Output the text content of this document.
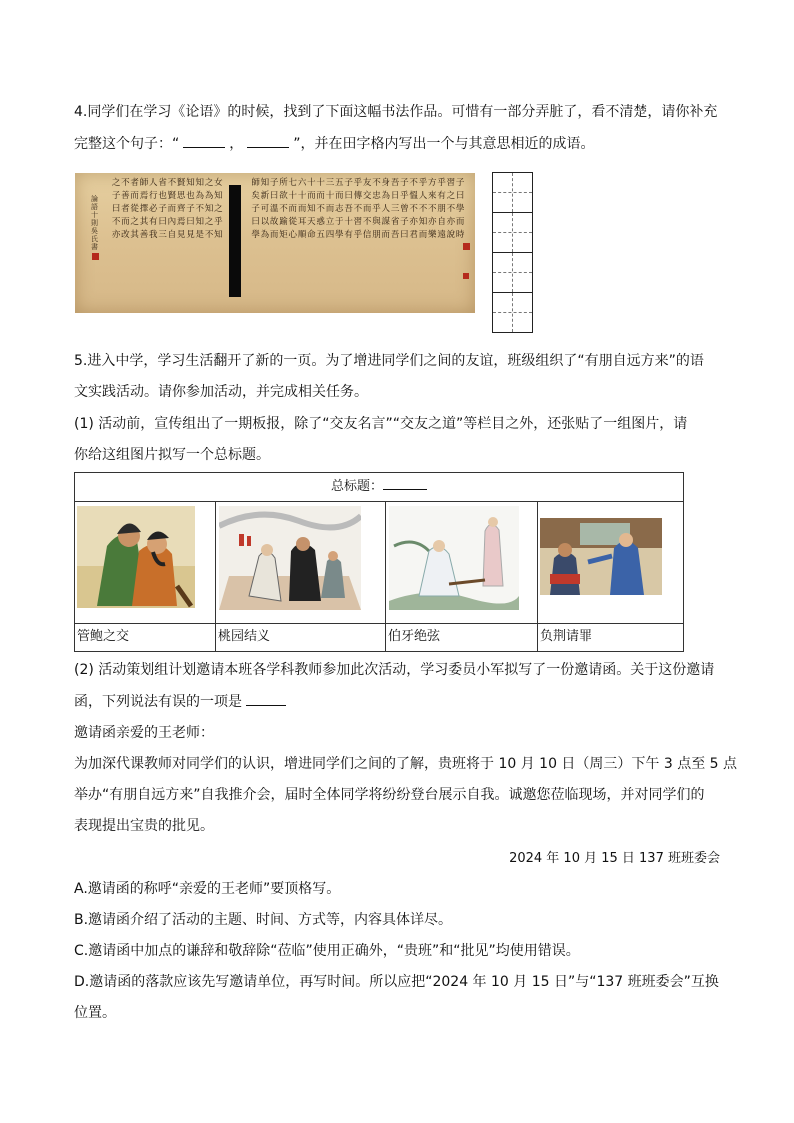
4.同学们在学习《论语》的时候，找到了下面这幅书法作品。可惜有一部分弄脏了，看不清楚，请你补充
完整这个句子：“	，	”，并在田字格内写出一个与其意思相近的成语。
論
語
十
則
吳
氏
書
子
曰
學
而
時
習
之
不
亦
說
乎
有
朋
自
遠
方
來
不
亦
樂
乎
人
不
知
而
不
慍
不
亦
君
子
乎
曾
子
曰
吾
日
三
省
吾
身
為
人
謀
而
不
忠
乎
與
朋
友
交
而
不
信
乎
傳
不
習
乎
子
曰
吾
十
有
五
而
志
于
學
三
十
而
立
四
十
而
不
惑
五
十
而
知
天
命
六
十
而
耳
順
七
十
而
從
心
所
欲
不
踰
矩
子
曰
溫
故
而
知
新
可
以
為
師
矣
子
曰
學
女
知
之
乎
知
之
為
知
之
不
知
為
不
知
是
知
也
子
曰
見
賢
思
齊
焉
見
不
賢
而
內
自
省
也
子
曰
三
人
行
必
有
我
師
焉
擇
其
善
者
而
從
之
其
不
善
者
而
改
之
子
曰
不
亦
5.进入中学，学习生活翻开了新的一页。为了增进同学们之间的友谊，班级组织了“有朋自远方来”的语
文实践活动。请你参加活动，并完成相关任务。
(1) 活动前，宣传组出了一期板报，除了“交友名言”“交友之道”等栏目之外，还张贴了一组图片，请
你给这组图片拟写一个总标题。
总标题：
管鲍之交	桃园结义	伯牙绝弦	负荆请罪
(2) 活动策划组计划邀请本班各学科教师参加此次活动，学习委员小军拟写了一份邀请函。关于这份邀请
函，下列说法有误的一项是
邀请函亲爱的王老师：
为加深代课教师对同学们的认识，增进同学们之间的了解，贵班将于 10 月 10 日（周三）下午 3 点至 5 点
举办“有朋自远方来”自我推介会，届时全体同学将纷纷登台展示自我。诚邀您莅临现场，并对同学们的
表现提出宝贵的批见。
2024 年 10 月 15 日 137 班班委会
A.邀请函的称呼“亲爱的王老师”要顶格写。
B.邀请函介绍了活动的主题、时间、方式等，内容具体详尽。
C.邀请函中加点的谦辞和敬辞除“莅临”使用正确外，“贵班”和“批见”均使用错误。
D.邀请函的落款应该先写邀请单位，再写时间。所以应把“2024 年 10 月 15 日”与“137 班班委会”互换
位置。
